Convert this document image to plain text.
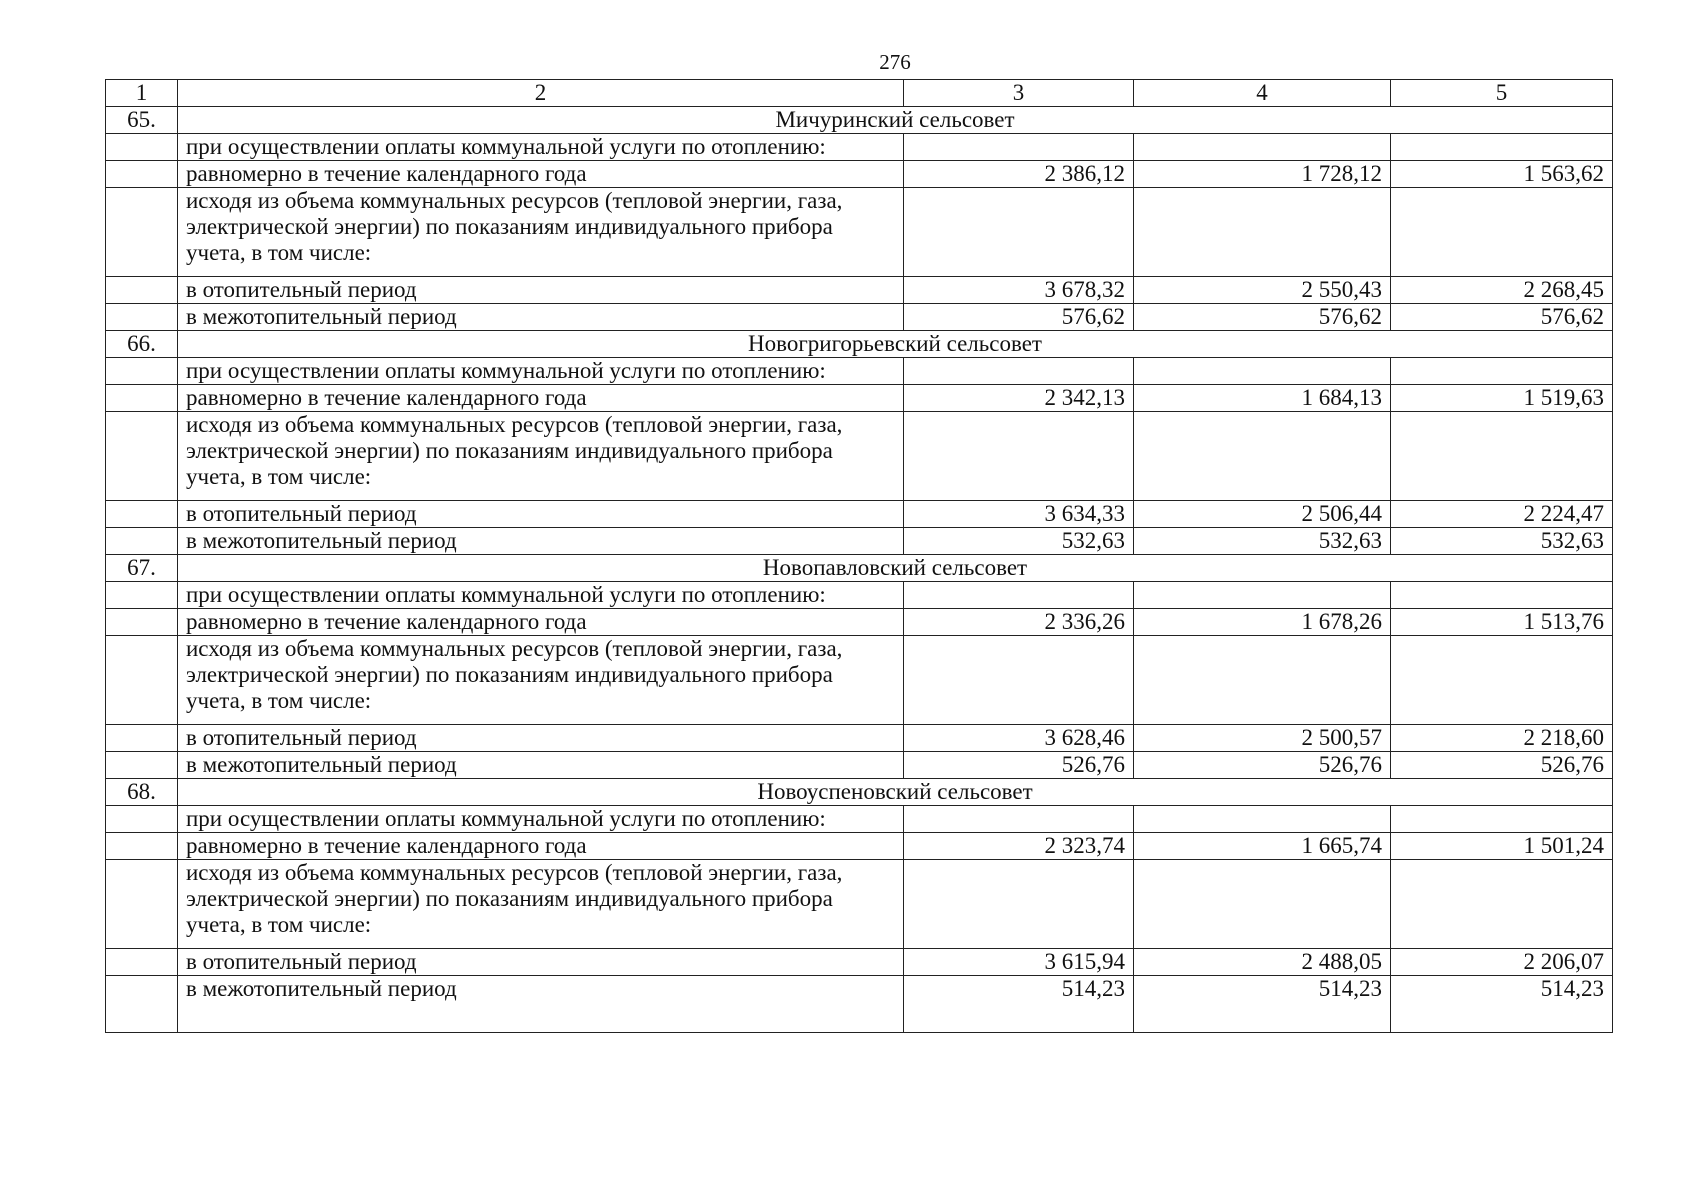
276
1	2	3	4	5
65.	Мичуринский сельсовет			
	при осуществлении оплаты коммунальной услуги по отоплению:			
	равномерно в течение календарного года	2 386,12	1 728,12	1 563,62
	исходя из объема коммунальных ресурсов (тепловой энергии, газа, электрической энергии) по показаниям индивидуального прибора учета, в том числе:			
	в отопительный период	3 678,32	2 550,43	2 268,45
	в межотопительный период	576,62	576,62	576,62
66.	Новогригорьевский сельсовет			
	при осуществлении оплаты коммунальной услуги по отоплению:			
	равномерно в течение календарного года	2 342,13	1 684,13	1 519,63
	исходя из объема коммунальных ресурсов (тепловой энергии, газа, электрической энергии) по показаниям индивидуального прибора учета, в том числе:			
	в отопительный период	3 634,33	2 506,44	2 224,47
	в межотопительный период	532,63	532,63	532,63
67.	Новопавловский сельсовет			
	при осуществлении оплаты коммунальной услуги по отоплению:			
	равномерно в течение календарного года	2 336,26	1 678,26	1 513,76
	исходя из объема коммунальных ресурсов (тепловой энергии, газа, электрической энергии) по показаниям индивидуального прибора учета, в том числе:			
	в отопительный период	3 628,46	2 500,57	2 218,60
	в межотопительный период	526,76	526,76	526,76
68.	Новоуспеновский сельсовет			
	при осуществлении оплаты коммунальной услуги по отоплению:			
	равномерно в течение календарного года	2 323,74	1 665,74	1 501,24
	исходя из объема коммунальных ресурсов (тепловой энергии, газа, электрической энергии) по показаниям индивидуального прибора учета, в том числе:			
	в отопительный период	3 615,94	2 488,05	2 206,07
	в межотопительный период	514,23	514,23	514,23
